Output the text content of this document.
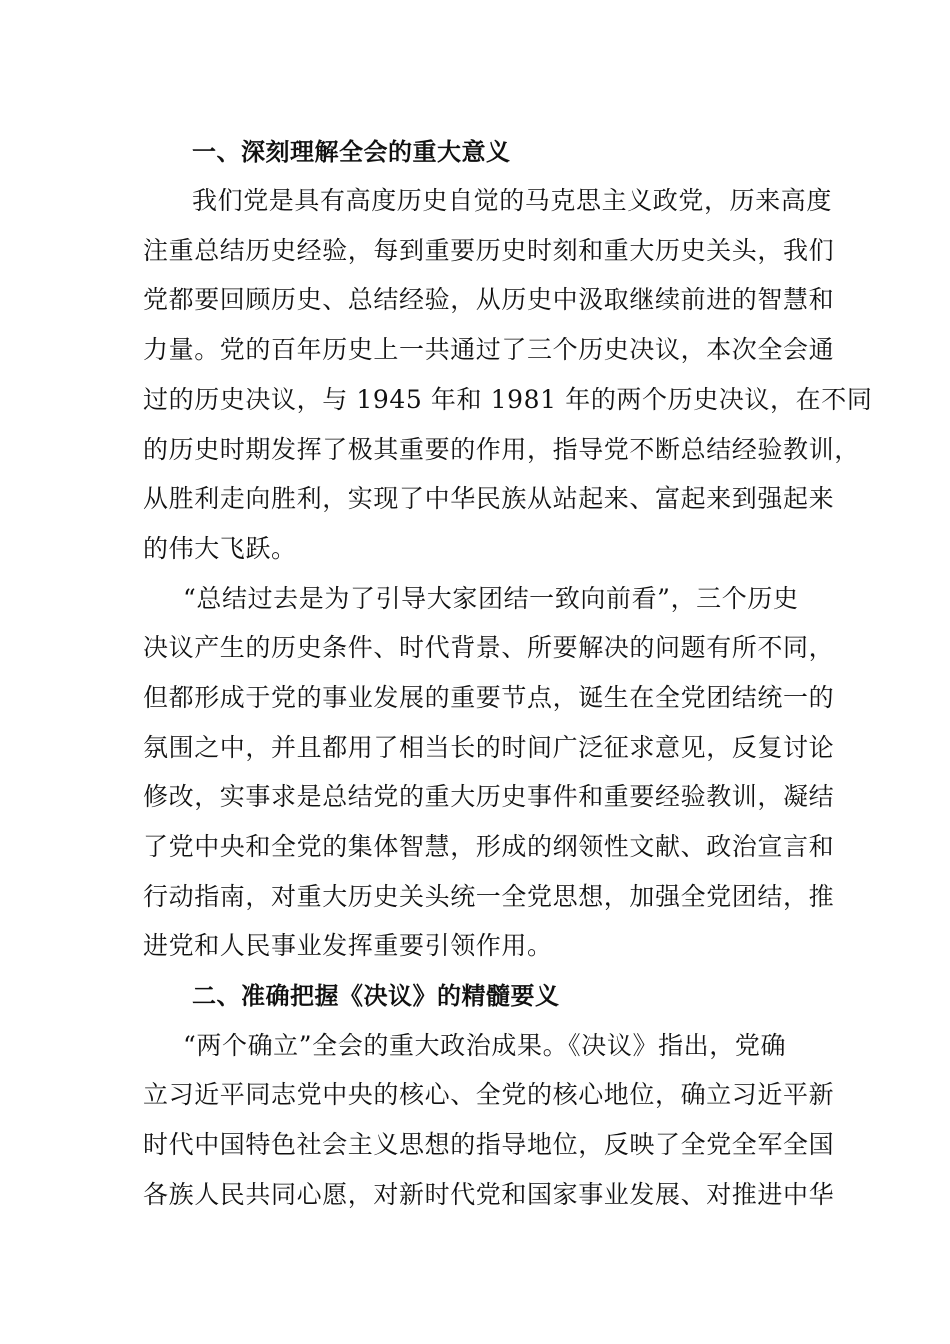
一、深刻理解全会的重大意义
我们党是具有高度历史自觉的马克思主义政党，历来高度
注重总结历史经验，每到重要历史时刻和重大历史关头，我们
党都要回顾历史、总结经验，从历史中汲取继续前进的智慧和
力量。党的百年历史上一共通过了三个历史决议，本次全会通
过的历史决议，与 1945 年和 1981 年的两个历史决议，在不同
的历史时期发挥了极其重要的作用，指导党不断总结经验教训，
从胜利走向胜利，实现了中华民族从站起来、富起来到强起来
的伟大飞跃。
“总结过去是为了引导大家团结一致向前看”，三个历史
决议产生的历史条件、时代背景、所要解决的问题有所不同，
但都形成于党的事业发展的重要节点，诞生在全党团结统一的
氛围之中，并且都用了相当长的时间广泛征求意见，反复讨论
修改，实事求是总结党的重大历史事件和重要经验教训，凝结
了党中央和全党的集体智慧，形成的纲领性文献、政治宣言和
行动指南，对重大历史关头统一全党思想，加强全党团结，推
进党和人民事业发挥重要引领作用。
二、准确把握《决议》的精髓要义
“两个确立”全会的重大政治成果。《决议》指出，党确
立习近平同志党中央的核心、全党的核心地位，确立习近平新
时代中国特色社会主义思想的指导地位，反映了全党全军全国
各族人民共同心愿，对新时代党和国家事业发展、对推进中华
